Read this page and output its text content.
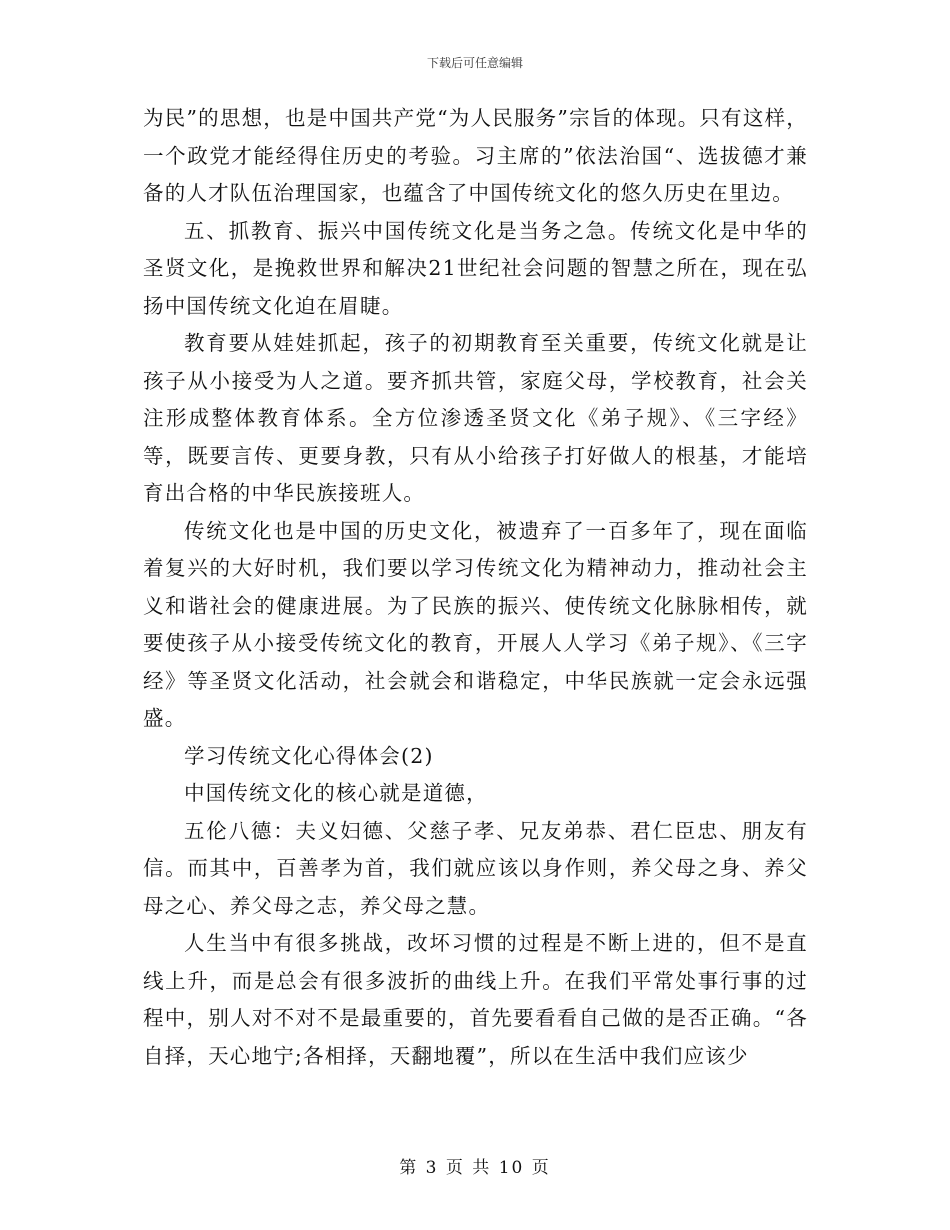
下载后可任意编辑

为民”的思想，也是中国共产党“为人民服务”宗旨的体现。只有这样，一个政党才能经得住历史的考验。习主席的”依法治国“、选拔德才兼备的人才队伍治理国家，也蕴含了中国传统文化的悠久历史在里边。

五、抓教育、振兴中国传统文化是当务之急。传统文化是中华的圣贤文化，是挽救世界和解决21世纪社会问题的智慧之所在，现在弘扬中国传统文化迫在眉睫。

教育要从娃娃抓起，孩子的初期教育至关重要，传统文化就是让孩子从小接受为人之道。要齐抓共管，家庭父母，学校教育，社会关注形成整体教育体系。全方位渗透圣贤文化《弟子规》、《三字经》等，既要言传、更要身教，只有从小给孩子打好做人的根基，才能培育出合格的中华民族接班人。

传统文化也是中国的历史文化，被遗弃了一百多年了，现在面临着复兴的大好时机，我们要以学习传统文化为精神动力，推动社会主义和谐社会的健康进展。为了民族的振兴、使传统文化脉脉相传，就要使孩子从小接受传统文化的教育，开展人人学习《弟子规》、《三字经》等圣贤文化活动，社会就会和谐稳定，中华民族就一定会永远强盛。

学习传统文化心得体会(2)

中国传统文化的核心就是道德，

五伦八德：夫义妇德、父慈子孝、兄友弟恭、君仁臣忠、朋友有信。而其中，百善孝为首，我们就应该以身作则，养父母之身、养父母之心、养父母之志，养父母之慧。

人生当中有很多挑战，改坏习惯的过程是不断上进的，但不是直线上升，而是总会有很多波折的曲线上升。在我们平常处事行事的过程中，别人对不对不是最重要的，首先要看看自己做的是否正确。“各自择，天心地宁;各相择，天翻地覆”，所以在生活中我们应该少

第 3 页 共 10 页
